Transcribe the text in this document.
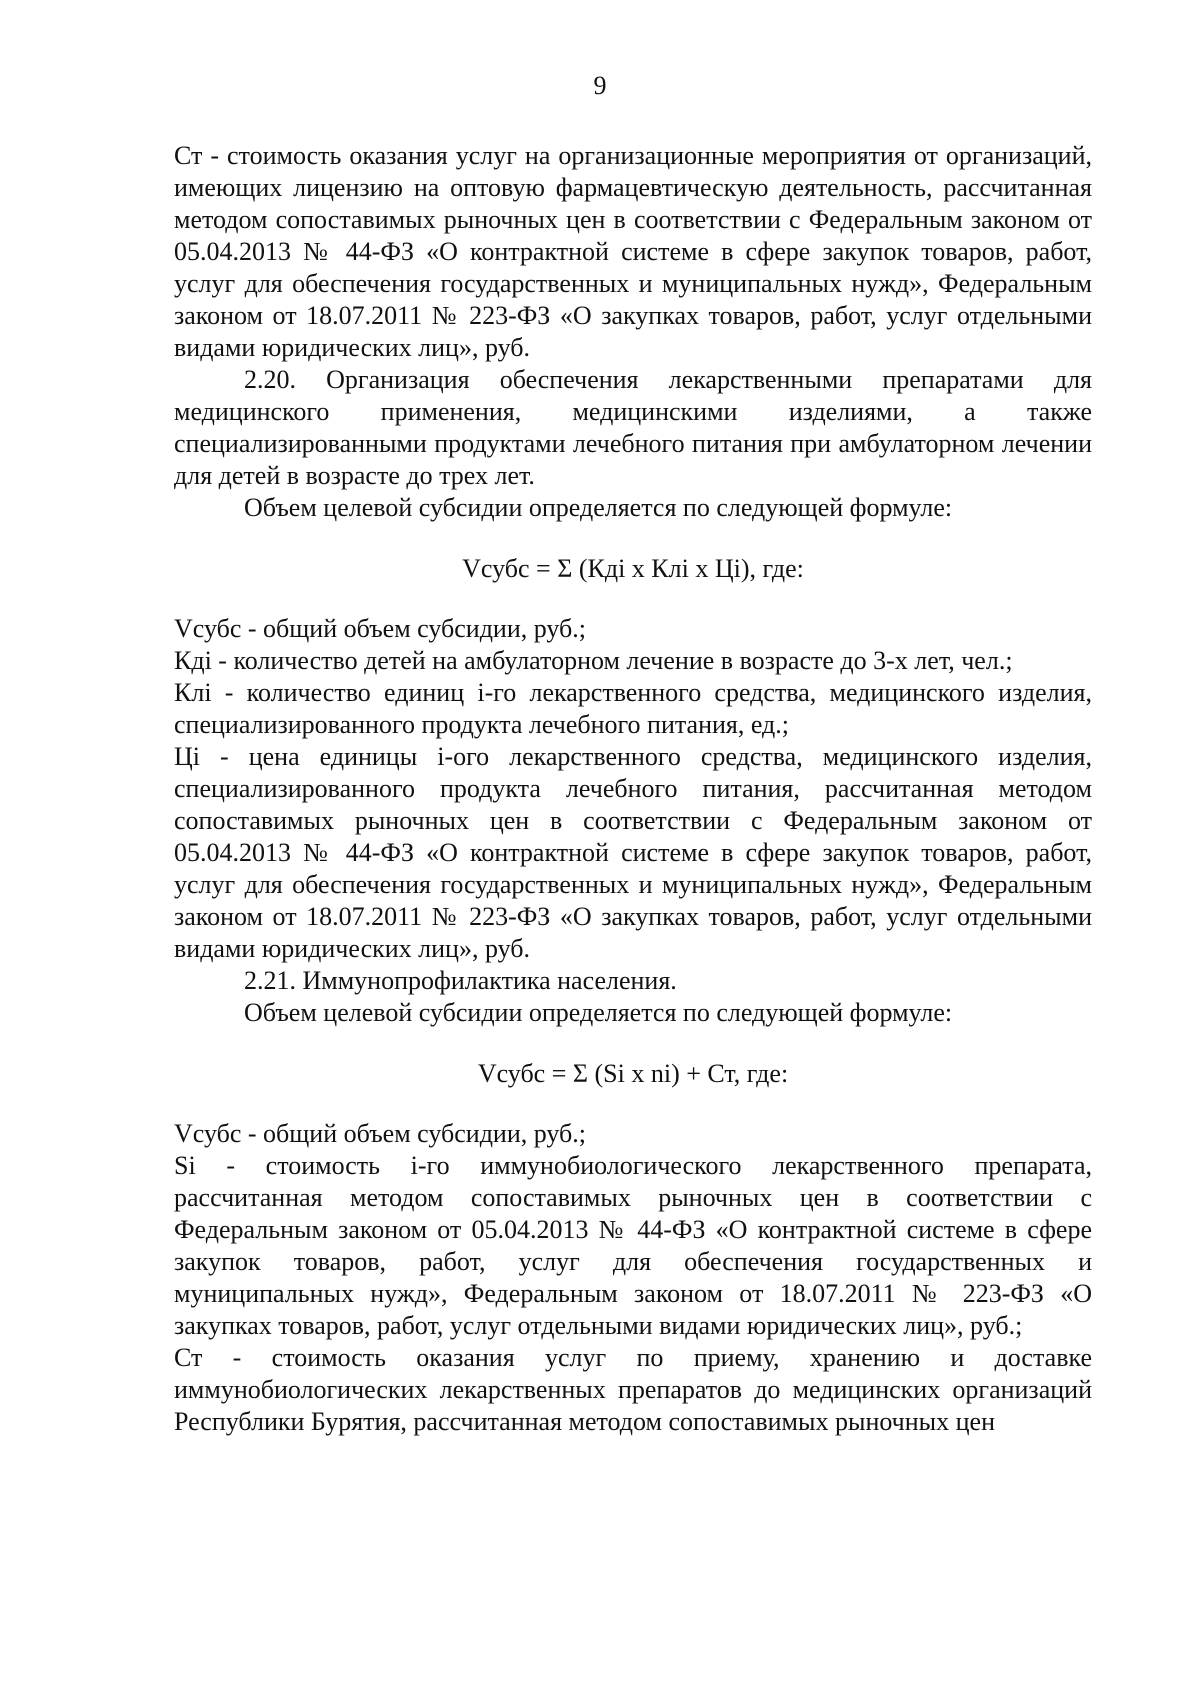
9

Ст - стоимость оказания услуг на организационные мероприятия от организаций, имеющих лицензию на оптовую фармацевтическую деятельность, рассчитанная методом сопоставимых рыночных цен в соответствии с Федеральным законом от 05.04.2013 № 44-ФЗ «О контрактной системе в сфере закупок товаров, работ, услуг для обеспечения государственных и муниципальных нужд», Федеральным законом от 18.07.2011 № 223-ФЗ «О закупках товаров, работ, услуг отдельными видами юридических лиц», руб.

2.20. Организация обеспечения лекарственными препаратами для медицинского применения, медицинскими изделиями, а также специализированными продуктами лечебного питания при амбулаторном лечении для детей в возрасте до трех лет.

Объем целевой субсидии определяется по следующей формуле:

Vсубс = Σ (Кдi х Клi х Цi), где:

Vсубс - общий объем субсидии, руб.;

Кдi - количество детей на амбулаторном лечение в возрасте до 3-х лет, чел.;

Клi - количество единиц i-го лекарственного средства, медицинского изделия, специализированного продукта лечебного питания, ед.;

Цi - цена единицы i-ого лекарственного средства, медицинского изделия, специализированного продукта лечебного питания, рассчитанная методом сопоставимых рыночных цен в соответствии с Федеральным законом от 05.04.2013 № 44-ФЗ «О контрактной системе в сфере закупок товаров, работ, услуг для обеспечения государственных и муниципальных нужд», Федеральным законом от 18.07.2011 № 223-ФЗ «О закупках товаров, работ, услуг отдельными видами юридических лиц», руб.

2.21. Иммунопрофилактика населения.

Объем целевой субсидии определяется по следующей формуле:

Vсубс = Σ (Si х ni) + Ст, где:

Vсубс - общий объем субсидии, руб.;

Si - стоимость i-го иммунобиологического лекарственного препарата, рассчитанная методом сопоставимых рыночных цен в соответствии с Федеральным законом от 05.04.2013 № 44-ФЗ «О контрактной системе в сфере закупок товаров, работ, услуг для обеспечения государственных и муниципальных нужд», Федеральным законом от 18.07.2011 № 223-ФЗ «О закупках товаров, работ, услуг отдельными видами юридических лиц», руб.;

Ст - стоимость оказания услуг по приему, хранению и доставке иммунобиологических лекарственных препаратов до медицинских организаций Республики Бурятия, рассчитанная методом сопоставимых рыночных цен
